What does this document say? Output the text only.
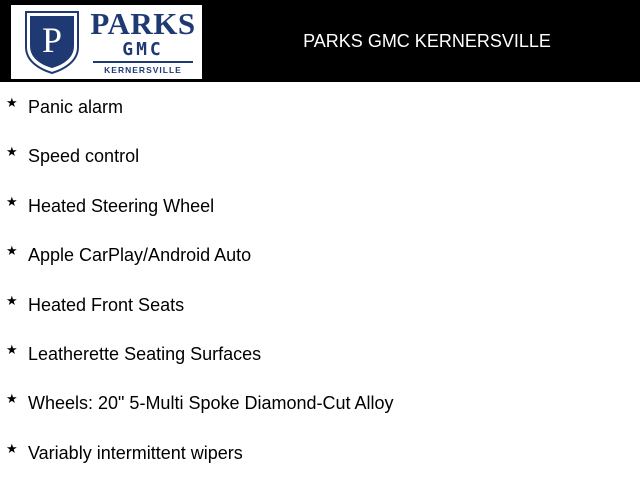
P PARKS
GMC
KERNERSVILLE
PARKS GMC KERNERSVILLE
★ Panic alarm
★ Speed control
★ Heated Steering Wheel
★ Apple CarPlay/Android Auto
★ Heated Front Seats
★ Leatherette Seating Surfaces
★ Wheels: 20" 5-Multi Spoke Diamond-Cut Alloy
★ Variably intermittent wipers
